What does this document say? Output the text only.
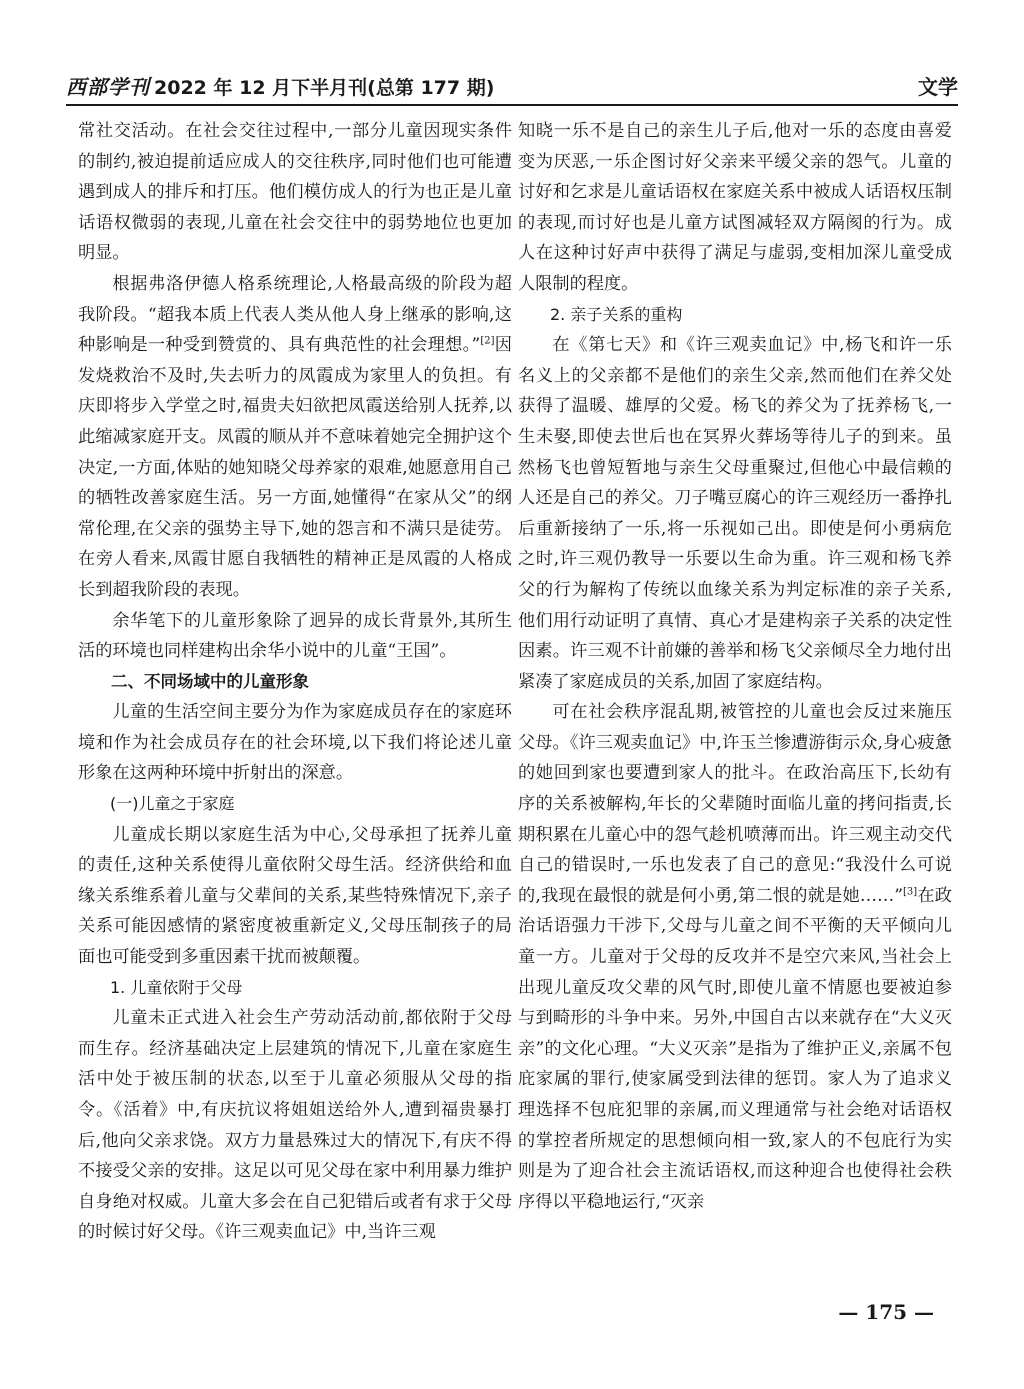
西部学刊 2022 年 12 月下半月刊(总第 177 期)	文学

常社交活动。在社会交往过程中,一部分儿童因现实条件的制约,被迫提前适应成人的交往秩序,同时他们也可能遭遇到成人的排斥和打压。他们模仿成人的行为也正是儿童话语权微弱的表现,儿童在社会交往中的弱势地位也更加明显。

根据弗洛伊德人格系统理论,人格最高级的阶段为超我阶段。“超我本质上代表人类从他人身上继承的影响,这种影响是一种受到赞赏的、具有典范性的社会理想。”[2]因发烧救治不及时,失去听力的凤霞成为家里人的负担。有庆即将步入学堂之时,福贵夫妇欲把凤霞送给别人抚养,以此缩减家庭开支。凤霞的顺从并不意味着她完全拥护这个决定,一方面,体贴的她知晓父母养家的艰难,她愿意用自己的牺牲改善家庭生活。另一方面,她懂得“在家从父”的纲常伦理,在父亲的强势主导下,她的怨言和不满只是徒劳。在旁人看来,凤霞甘愿自我牺牲的精神正是凤霞的人格成长到超我阶段的表现。

余华笔下的儿童形象除了迥异的成长背景外,其所生活的环境也同样建构出余华小说中的儿童“王国”。

二、不同场域中的儿童形象

儿童的生活空间主要分为作为家庭成员存在的家庭环境和作为社会成员存在的社会环境,以下我们将论述儿童形象在这两种环境中折射出的深意。

(一)儿童之于家庭

儿童成长期以家庭生活为中心,父母承担了抚养儿童的责任,这种关系使得儿童依附父母生活。经济供给和血缘关系维系着儿童与父辈间的关系,某些特殊情况下,亲子关系可能因感情的紧密度被重新定义,父母压制孩子的局面也可能受到多重因素干扰而被颠覆。

1. 儿童依附于父母

儿童未正式进入社会生产劳动活动前,都依附于父母而生存。经济基础决定上层建筑的情况下,儿童在家庭生活中处于被压制的状态,以至于儿童必须服从父母的指令。《活着》中,有庆抗议将姐姐送给外人,遭到福贵暴打后,他向父亲求饶。双方力量悬殊过大的情况下,有庆不得不接受父亲的安排。这足以可见父母在家中利用暴力维护自身绝对权威。儿童大多会在自己犯错后或者有求于父母的时候讨好父母。《许三观卖血记》中,当许三观

知晓一乐不是自己的亲生儿子后,他对一乐的态度由喜爱变为厌恶,一乐企图讨好父亲来平缓父亲的怨气。儿童的讨好和乞求是儿童话语权在家庭关系中被成人话语权压制的表现,而讨好也是儿童方试图减轻双方隔阂的行为。成人在这种讨好声中获得了满足与虚弱,变相加深儿童受成人限制的程度。

2. 亲子关系的重构

在《第七天》和《许三观卖血记》中,杨飞和许一乐名义上的父亲都不是他们的亲生父亲,然而他们在养父处获得了温暖、雄厚的父爱。杨飞的养父为了抚养杨飞,一生未娶,即使去世后也在冥界火葬场等待儿子的到来。虽然杨飞也曾短暂地与亲生父母重聚过,但他心中最信赖的人还是自己的养父。刀子嘴豆腐心的许三观经历一番挣扎后重新接纳了一乐,将一乐视如己出。即使是何小勇病危之时,许三观仍教导一乐要以生命为重。许三观和杨飞养父的行为解构了传统以血缘关系为判定标准的亲子关系,他们用行动证明了真情、真心才是建构亲子关系的决定性因素。许三观不计前嫌的善举和杨飞父亲倾尽全力地付出紧凑了家庭成员的关系,加固了家庭结构。

可在社会秩序混乱期,被管控的儿童也会反过来施压父母。《许三观卖血记》中,许玉兰惨遭游街示众,身心疲惫的她回到家也要遭到家人的批斗。在政治高压下,长幼有序的关系被解构,年长的父辈随时面临儿童的拷问指责,长期积累在儿童心中的怨气趁机喷薄而出。许三观主动交代自己的错误时,一乐也发表了自己的意见:“我没什么可说的,我现在最恨的就是何小勇,第二恨的就是她……”[3]在政治话语强力干涉下,父母与儿童之间不平衡的天平倾向儿童一方。儿童对于父母的反攻并不是空穴来风,当社会上出现儿童反攻父辈的风气时,即使儿童不情愿也要被迫参与到畸形的斗争中来。另外,中国自古以来就存在“大义灭亲”的文化心理。“大义灭亲”是指为了维护正义,亲属不包庇家属的罪行,使家属受到法律的惩罚。家人为了追求义理选择不包庇犯罪的亲属,而义理通常与社会绝对话语权的掌控者所规定的思想倾向相一致,家人的不包庇行为实则是为了迎合社会主流话语权,而这种迎合也使得社会秩序得以平稳地运行,“灭亲

— 175 —
